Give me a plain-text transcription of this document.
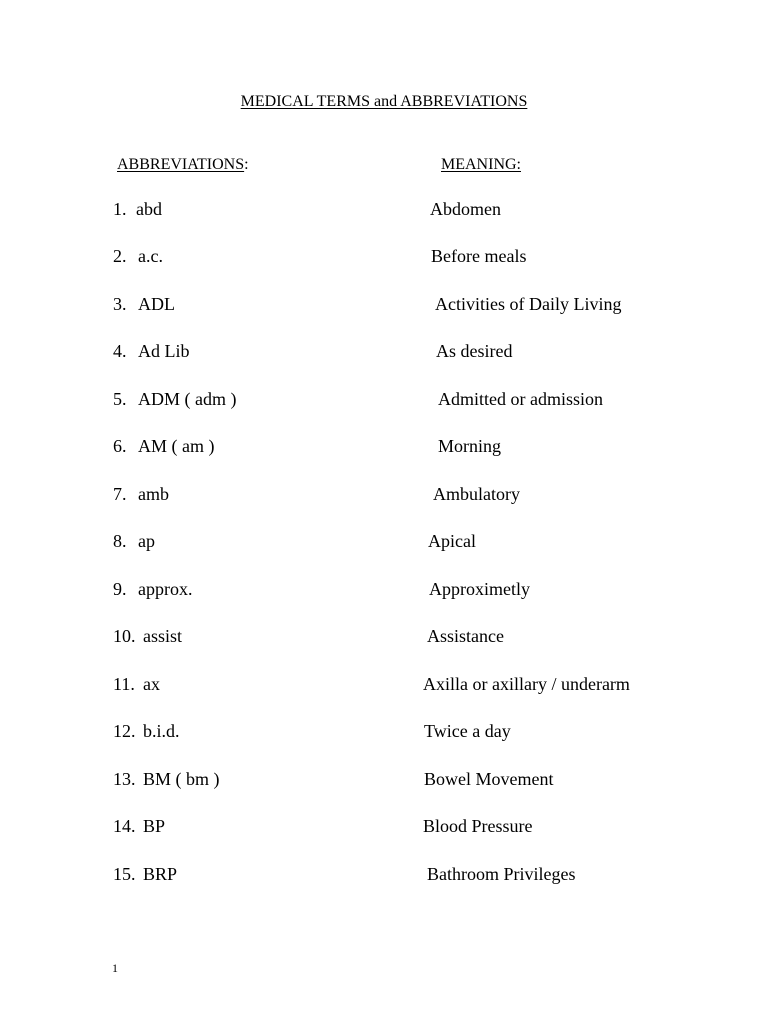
MEDICAL TERMS and ABBREVIATIONS
ABBREVIATIONS:	MEANING:
1. abd	Abdomen
2. a.c.	Before meals
3. ADL	Activities of Daily Living
4. Ad Lib	As desired
5. ADM ( adm )	Admitted or admission
6. AM ( am )	Morning
7. amb	Ambulatory
8. ap	Apical
9. approx.	Approximetly
10. assist	Assistance
11. ax	Axilla or axillary / underarm
12. b.i.d.	Twice a day
13. BM ( bm )	Bowel Movement
14. BP	Blood Pressure
15. BRP	Bathroom Privileges
1
